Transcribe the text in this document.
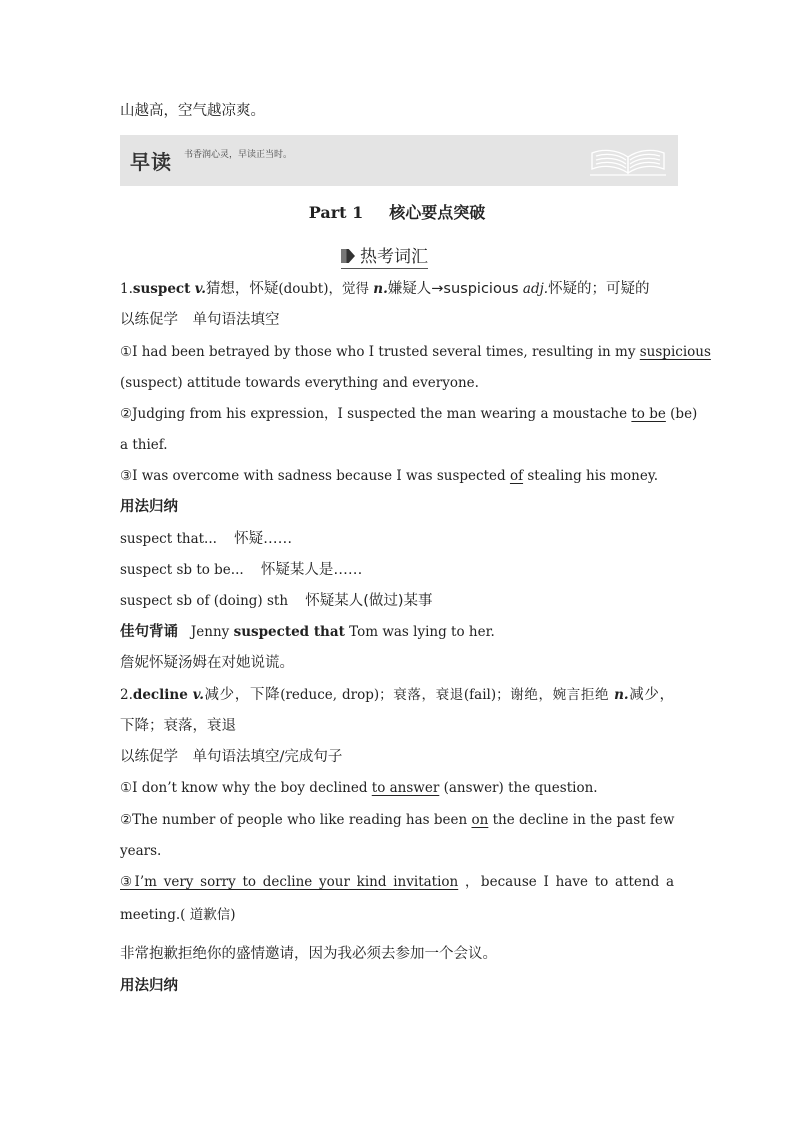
山越高，空气越凉爽。
早读 书香润心灵，早读正当时。
Part 1 核心要点突破
热考词汇
1.suspect v.猜想，怀疑(doubt)，觉得 n.嫌疑人→suspicious adj.怀疑的；可疑的
以练促学　单句语法填空
①I had been betrayed by those who I trusted several times, resulting in my suspicious
(suspect) attitude towards everything and everyone.
②Judging from his expression，I suspected the man wearing a moustache to be (be)
a thief.
③I was overcome with sadness because I was suspected of stealing his money.
用法归纳
suspect that... 怀疑……
suspect sb to be... 怀疑某人是……
suspect sb of (doing) sth 怀疑某人(做过)某事
佳句背诵 Jenny suspected that Tom was lying to her.
詹妮怀疑汤姆在对她说谎。
2.decline v.减少，下降(reduce, drop)；衰落，衰退(fail)；谢绝，婉言拒绝 n.减少，
下降；衰落，衰退
以练促学　单句语法填空/完成句子
①I don’t know why the boy declined to answer (answer) the question.
②The number of people who like reading has been on the decline in the past few
years.
③I’m very sorry to decline your kind invitation ，because I have to attend a
meeting.( 道歉信)
非常抱歉拒绝你的盛情邀请，因为我必须去参加一个会议。
用法归纳
